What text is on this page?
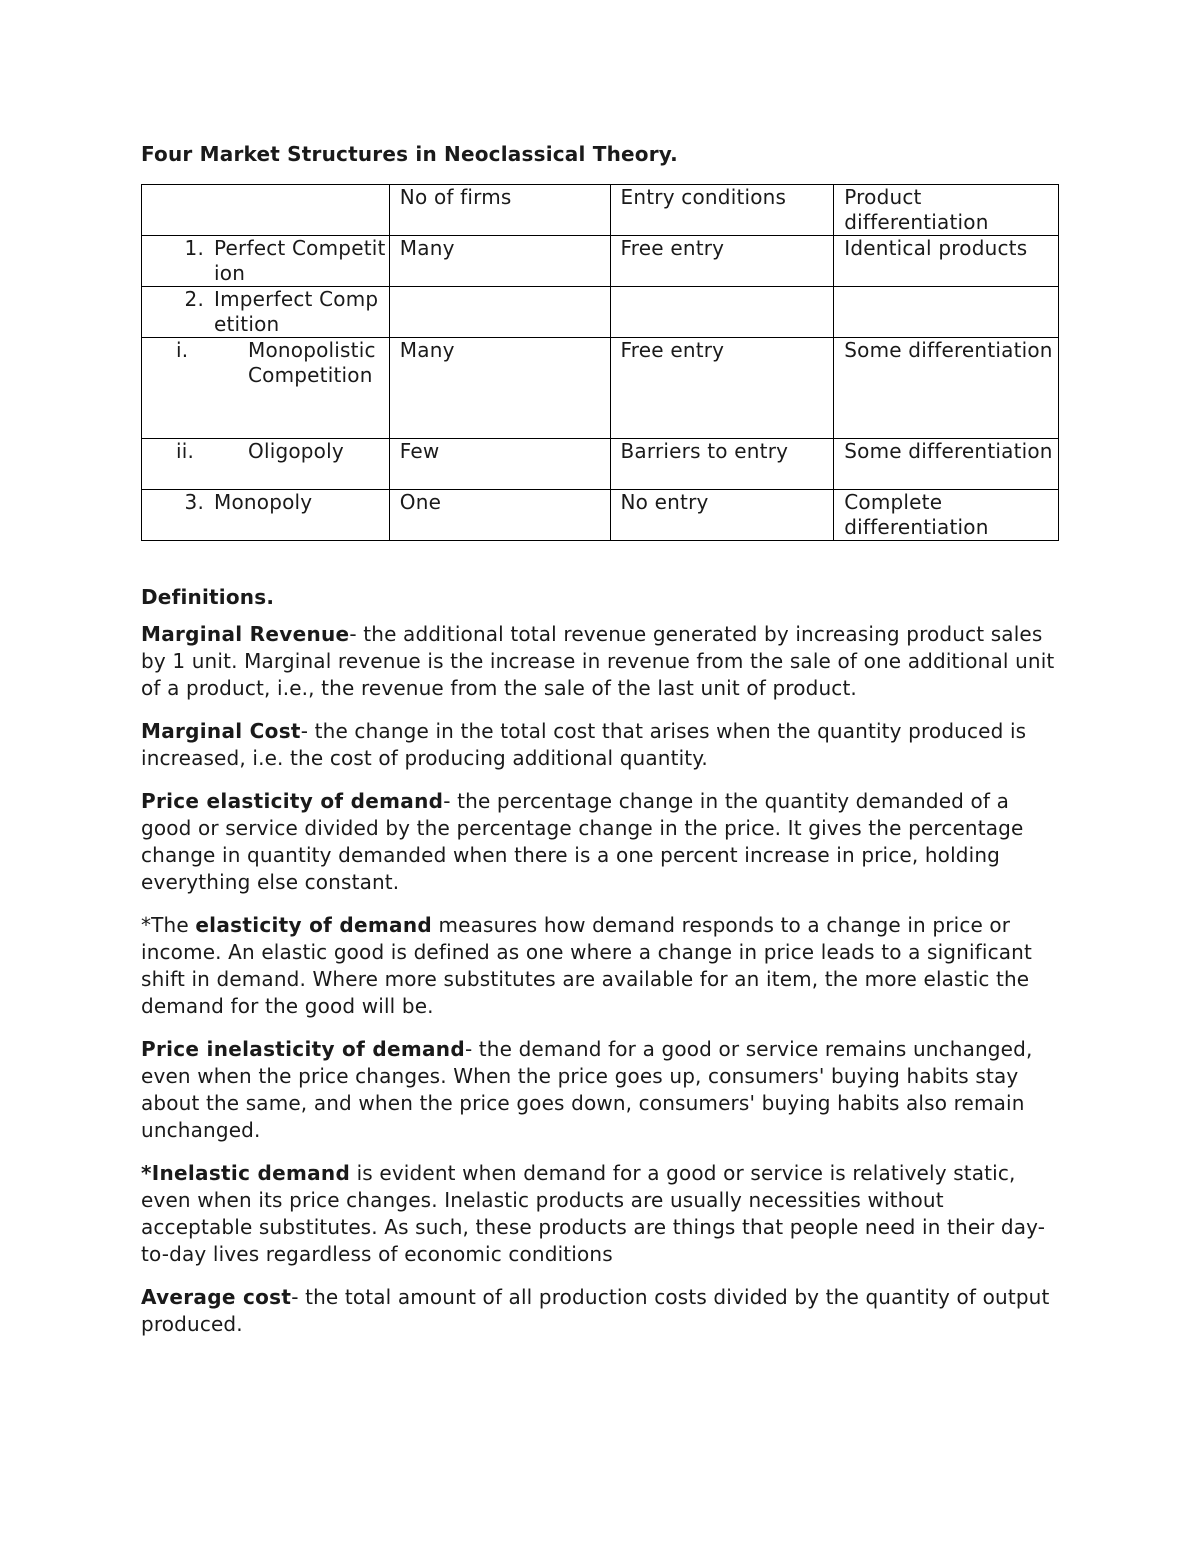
Four Market Structures in Neoclassical Theory.
	No of firms	Entry conditions	Product differentiation

1. Perfect Competition	Many	Free entry	Identical products

2. Imperfect Competition			

i. Monopolistic Competition	Many	Free entry	Some differentiation

ii. Oligopoly	Few	Barriers to entry	Some differentiation

3. Monopoly	One	No entry	Complete differentiation
Definitions.

Marginal Revenue- the additional total revenue generated by increasing product sales by 1 unit. Marginal revenue is the increase in revenue from the sale of one additional unit of a product, i.e., the revenue from the sale of the last unit of product.

Marginal Cost- the change in the total cost that arises when the quantity produced is increased, i.e. the cost of producing additional quantity.

Price elasticity of demand- the percentage change in the quantity demanded of a good or service divided by the percentage change in the price. It gives the percentage change in quantity demanded when there is a one percent increase in price, holding everything else constant.

*The elasticity of demand measures how demand responds to a change in price or income. An elastic good is defined as one where a change in price leads to a significant shift in demand. Where more substitutes are available for an item, the more elastic the demand for the good will be.

Price inelasticity of demand- the demand for a good or service remains unchanged, even when the price changes. When the price goes up, consumers' buying habits stay about the same, and when the price goes down, consumers' buying habits also remain unchanged.

*Inelastic demand is evident when demand for a good or service is relatively static, even when its price changes. Inelastic products are usually necessities without acceptable substitutes. As such, these products are things that people need in their day-to-day lives regardless of economic conditions

Average cost- the total amount of all production costs divided by the quantity of output produced.
